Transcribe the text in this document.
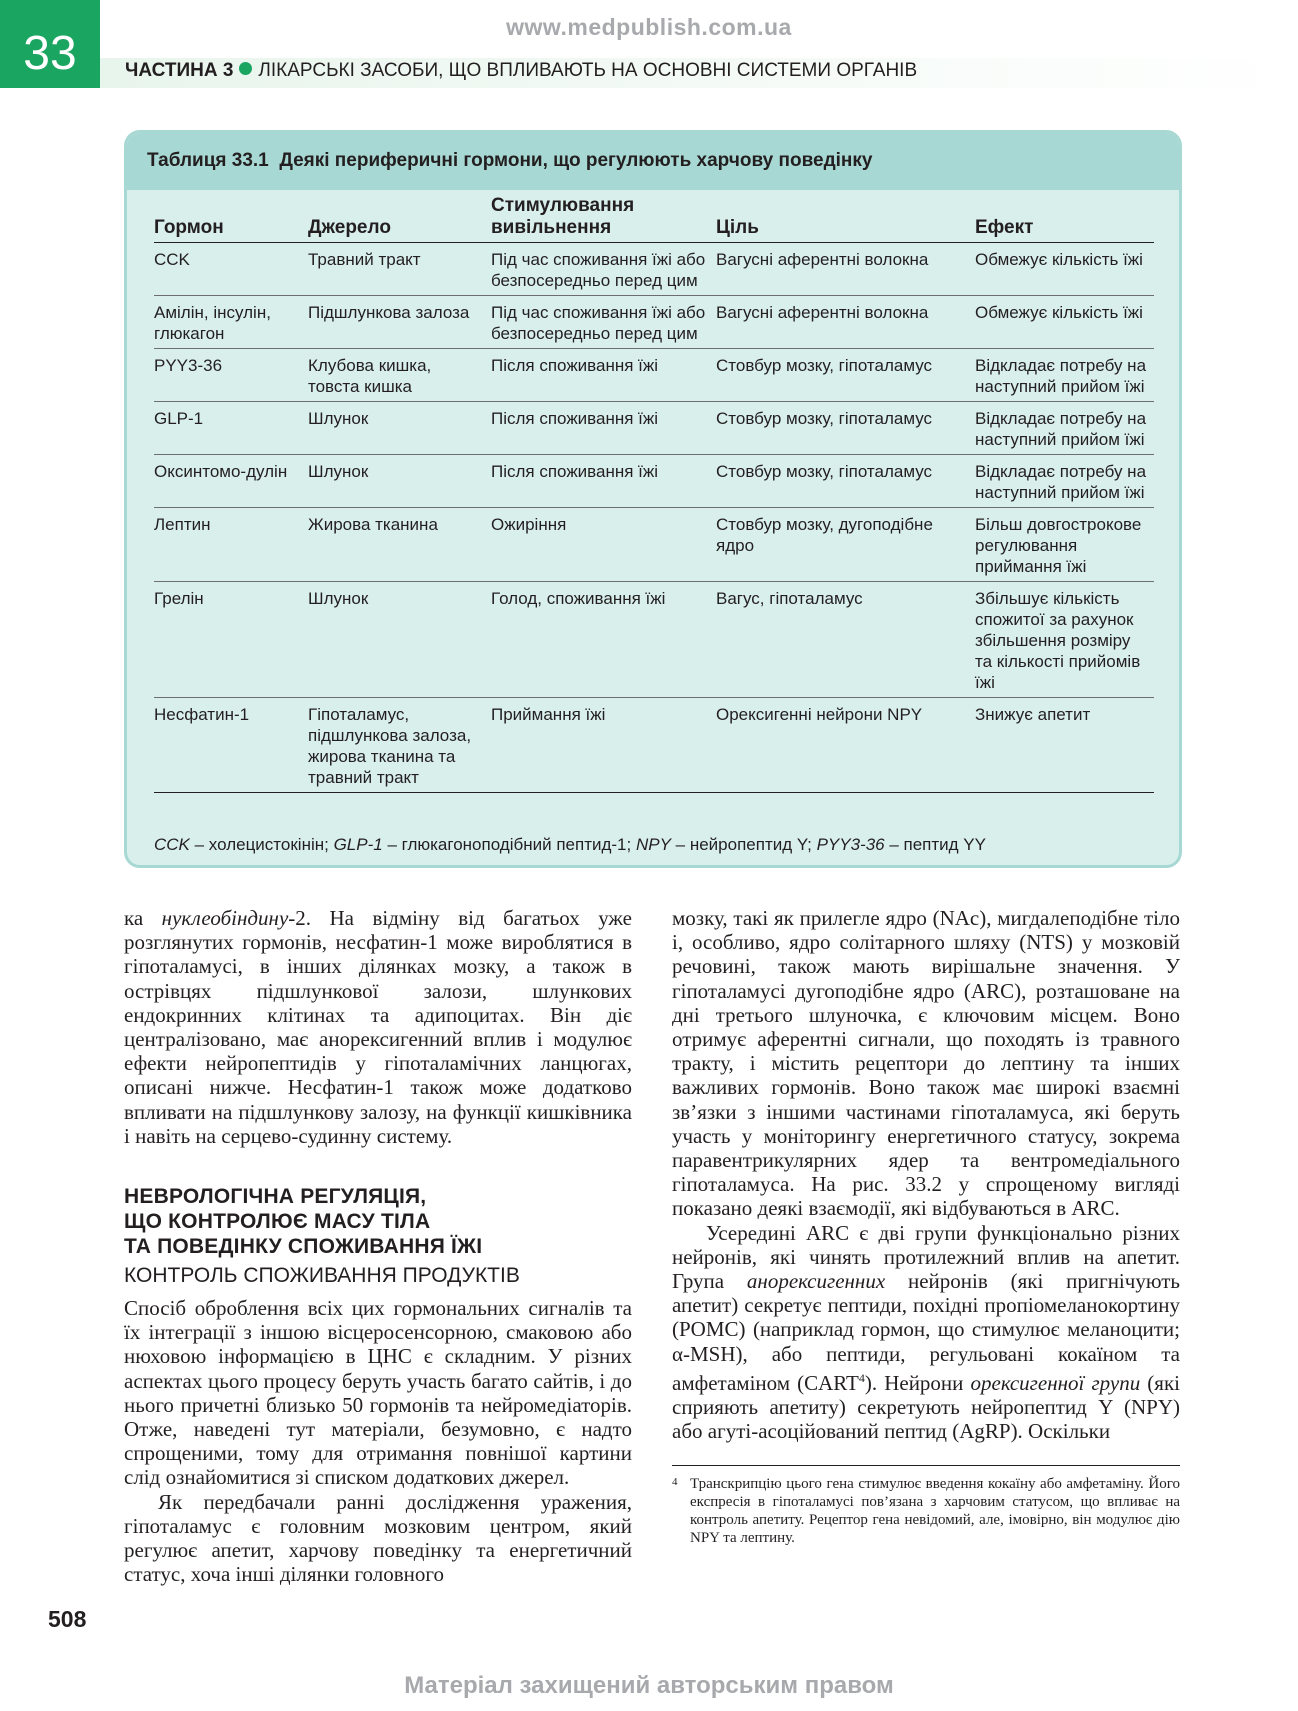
www.medpublish.com.ua
33	ЧАСТИНА 3 ЛІКАРСЬКІ ЗАСОБИ, ЩО ВПЛИВАЮТЬ НА ОСНОВНІ СИСТЕМИ ОРГАНІВ
Таблиця 33.1 Деякі периферичні гормони, що регулюють харчову поведінку
Гормон	Джерело	Стимулювання вивільнення	Ціль	Ефект
CCK	Травний тракт	Під час споживання їжі або безпосередньо перед цим	Вагусні аферентні волокна	Обмежує кількість їжі
Амілін, інсулін, глюкагон	Підшлункова залоза	Під час споживання їжі або безпосередньо перед цим	Вагусні аферентні волокна	Обмежує кількість їжі
PYY3-36	Клубова кишка, товста кишка	Після споживання їжі	Стовбур мозку, гіпоталамус	Відкладає потребу на наступний прийом їжі
GLP-1	Шлунок	Після споживання їжі	Стовбур мозку, гіпоталамус	Відкладає потребу на наступний прийом їжі
Оксинтомо-дулін	Шлунок	Після споживання їжі	Стовбур мозку, гіпоталамус	Відкладає потребу на наступний прийом їжі
Лептин	Жирова тканина	Ожиріння	Стовбур мозку, дугоподібне ядро	Більш довгострокове регулювання приймання їжі
Грелін	Шлунок	Голод, споживання їжі	Вагус, гіпоталамус	Збільшує кількість спожитої за рахунок збільшення розміру та кількості прийомів їжі
Несфатин-1	Гіпоталамус, підшлункова залоза, жирова тканина та травний тракт	Приймання їжі	Орексигенні нейрони NPY	Знижує апетит
CCK – холецистокінін; GLP-1 – глюкагоноподібний пептид-1; NPY – нейропептид Y; PYY3-36 – пептид YY

ка нуклеобіндину-2. На відміну від багатьох уже розглянутих гормонів, несфатин-1 може вироблятися в гіпоталамусі, в інших ділянках мозку, а також в острівцях підшлункової залози, шлункових ендокринних клітинах та адипоцитах. Він діє централізовано, має анорексигенний вплив і модулює ефекти нейропептидів у гіпоталамічних ланцюгах, описані нижче. Несфатин-1 також може додатково впливати на підшлункову залозу, на функції кишківника і навіть на серцево-судинну систему.

НЕВРОЛОГІЧНА РЕГУЛЯЦІЯ,
ЩО КОНТРОЛЮЄ МАСУ ТІЛА
ТА ПОВЕДІНКУ СПОЖИВАННЯ ЇЖІ
КОНТРОЛЬ СПОЖИВАННЯ ПРОДУКТІВ

Спосіб оброблення всіх цих гормональних сигналів та їх інтеграції з іншою вісцеросенсорною, смаковою або нюховою інформацією в ЦНС є складним. У різних аспектах цього процесу беруть участь багато сайтів, і до нього причетні близько 50 гормонів та нейромедіаторів. Отже, наведені тут матеріали, безумовно, є надто спрощеними, тому для отримання повнішої картини слід ознайомитися зі списком додаткових джерел.

Як передбачали ранні дослідження уражения, гіпоталамус є головним мозковим центром, який регулює апетит, харчову поведінку та енергетичний статус, хоча інші ділянки головного

мозку, такі як прилегле ядро (NAc), мигдалеподібне тіло і, особливо, ядро солітарного шляху (NTS) у мозковій речовині, також мають вирішальне значення. У гіпоталамусі дугоподібне ядро (ARC), розташоване на дні третього шлуночка, є ключовим місцем. Воно отримує аферентні сигнали, що походять із травного тракту, і містить рецептори до лептину та інших важливих гормонів. Воно також має широкі взаємні зв’язки з іншими частинами гіпоталамуса, які беруть участь у моніторингу енергетичного статусу, зокрема паравентрикулярних ядер та вентромедіального гіпоталамуса. На рис. 33.2 у спрощеному вигляді показано деякі взаємодії, які відбуваються в ARC.

Усередині ARC є дві групи функціонально різних нейронів, які чинять протилежний вплив на апетит. Група анорексигенних нейронів (які пригнічують апетит) секретує пептиди, похідні пропіомеланокортину (POMC) (наприклад гормон, що стимулює меланоцити; α-MSH), або пептиди, регульовані кокаїном та амфетаміном (CART$^4$). Нейрони орексигенної групи (які сприяють апетиту) секретують нейропептид Y (NPY) або агуті-асоційований пептид (AgRP). Оскільки

4 Транскрипцію цього гена стимулює введення кокаїну або амфетаміну. Його експресія в гіпоталамусі пов’язана з харчовим статусом, що впливає на контроль апетиту. Рецептор гена невідомий, але, імовірно, він модулює дію NPY та лептину.
508
Матеріал захищений авторським правом
